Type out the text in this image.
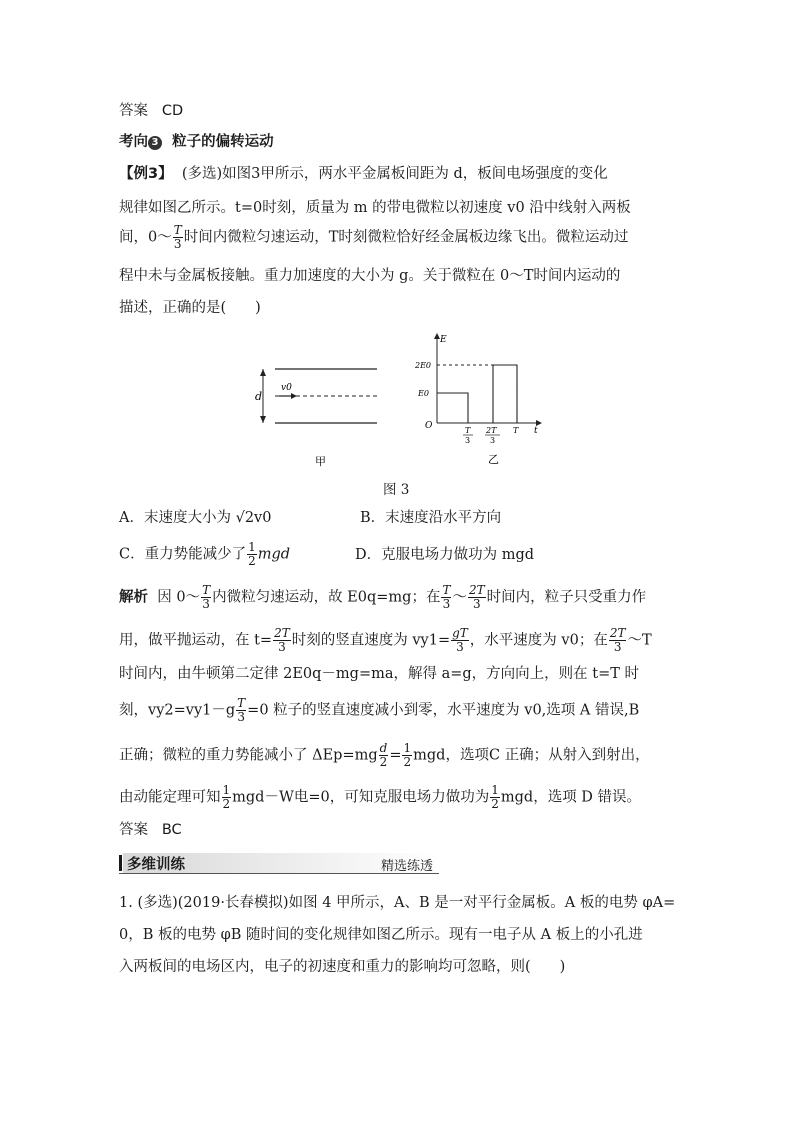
答案 CD
考向 3 粒子的偏转运动
【例3】 (多选)如图3甲所示，两水平金属板间距为 d，板间电场强度的变化
规律如图乙所示。t=0时刻，质量为 m 的带电微粒以初速度 v0 沿中线射入两板
间，0～ $\frac{T}{3}$ 时间内微粒匀速运动，T时刻微粒恰好经金属板边缘飞出。微粒运动过
程中未与金属板接触。重力加速度的大小为 g。关于微粒在 0～T时间内运动的
描述，正确的是(　　)
d
v0
甲
E
t
O
E0
2E0
T
3
2T
3
T
乙
图 3
A．末速度大小为 √2v0	B．末速度沿水平方向
C．重力势能减少了 $\frac{1}{2}$ mgd	D．克服电场力做功为 mgd
解析 因 0～ $\frac{T}{3}$ 内微粒匀速运动，故 E0q=mg；在 $\frac{T}{3}$ ～ $\frac{2T}{3}$ 时间内，粒子只受重力作
用，做平抛运动，在 $t= \frac{2T}{3}$ 时刻的竖直速度为 $vy1= \frac{gT}{3}$ ，水平速度为 v0；在 $\frac{2T}{3}$ ～T
时间内，由牛顿第二定律 2E0q－mg=ma，解得 a=g，方向向上，则在 t=T 时
刻，$vy2=vy1-g \frac{T}{3} =0$ 粒子的竖直速度减小到零，水平速度为 v0,选项 A 错误,B
正确；微粒的重力势能减小了 $\Delta Ep=mg \frac{d}{2} = \frac{1}{2}$ mgd，选项C 正确；从射入到射出，
由动能定理可知 $\frac{1}{2} mgd-W$电=0，可知克服电场力做功为 $\frac{1}{2}$ mgd，选项 D 错误。
答案 BC
多维训练	精选练透
1. (多选)(2019·长春模拟)如图 4 甲所示，A、B 是一对平行金属板。A 板的电势 φA=
0，B 板的电势 φB 随时间的变化规律如图乙所示。现有一电子从 A 板上的小孔进
入两板间的电场区内，电子的初速度和重力的影响均可忽略，则(　　)
